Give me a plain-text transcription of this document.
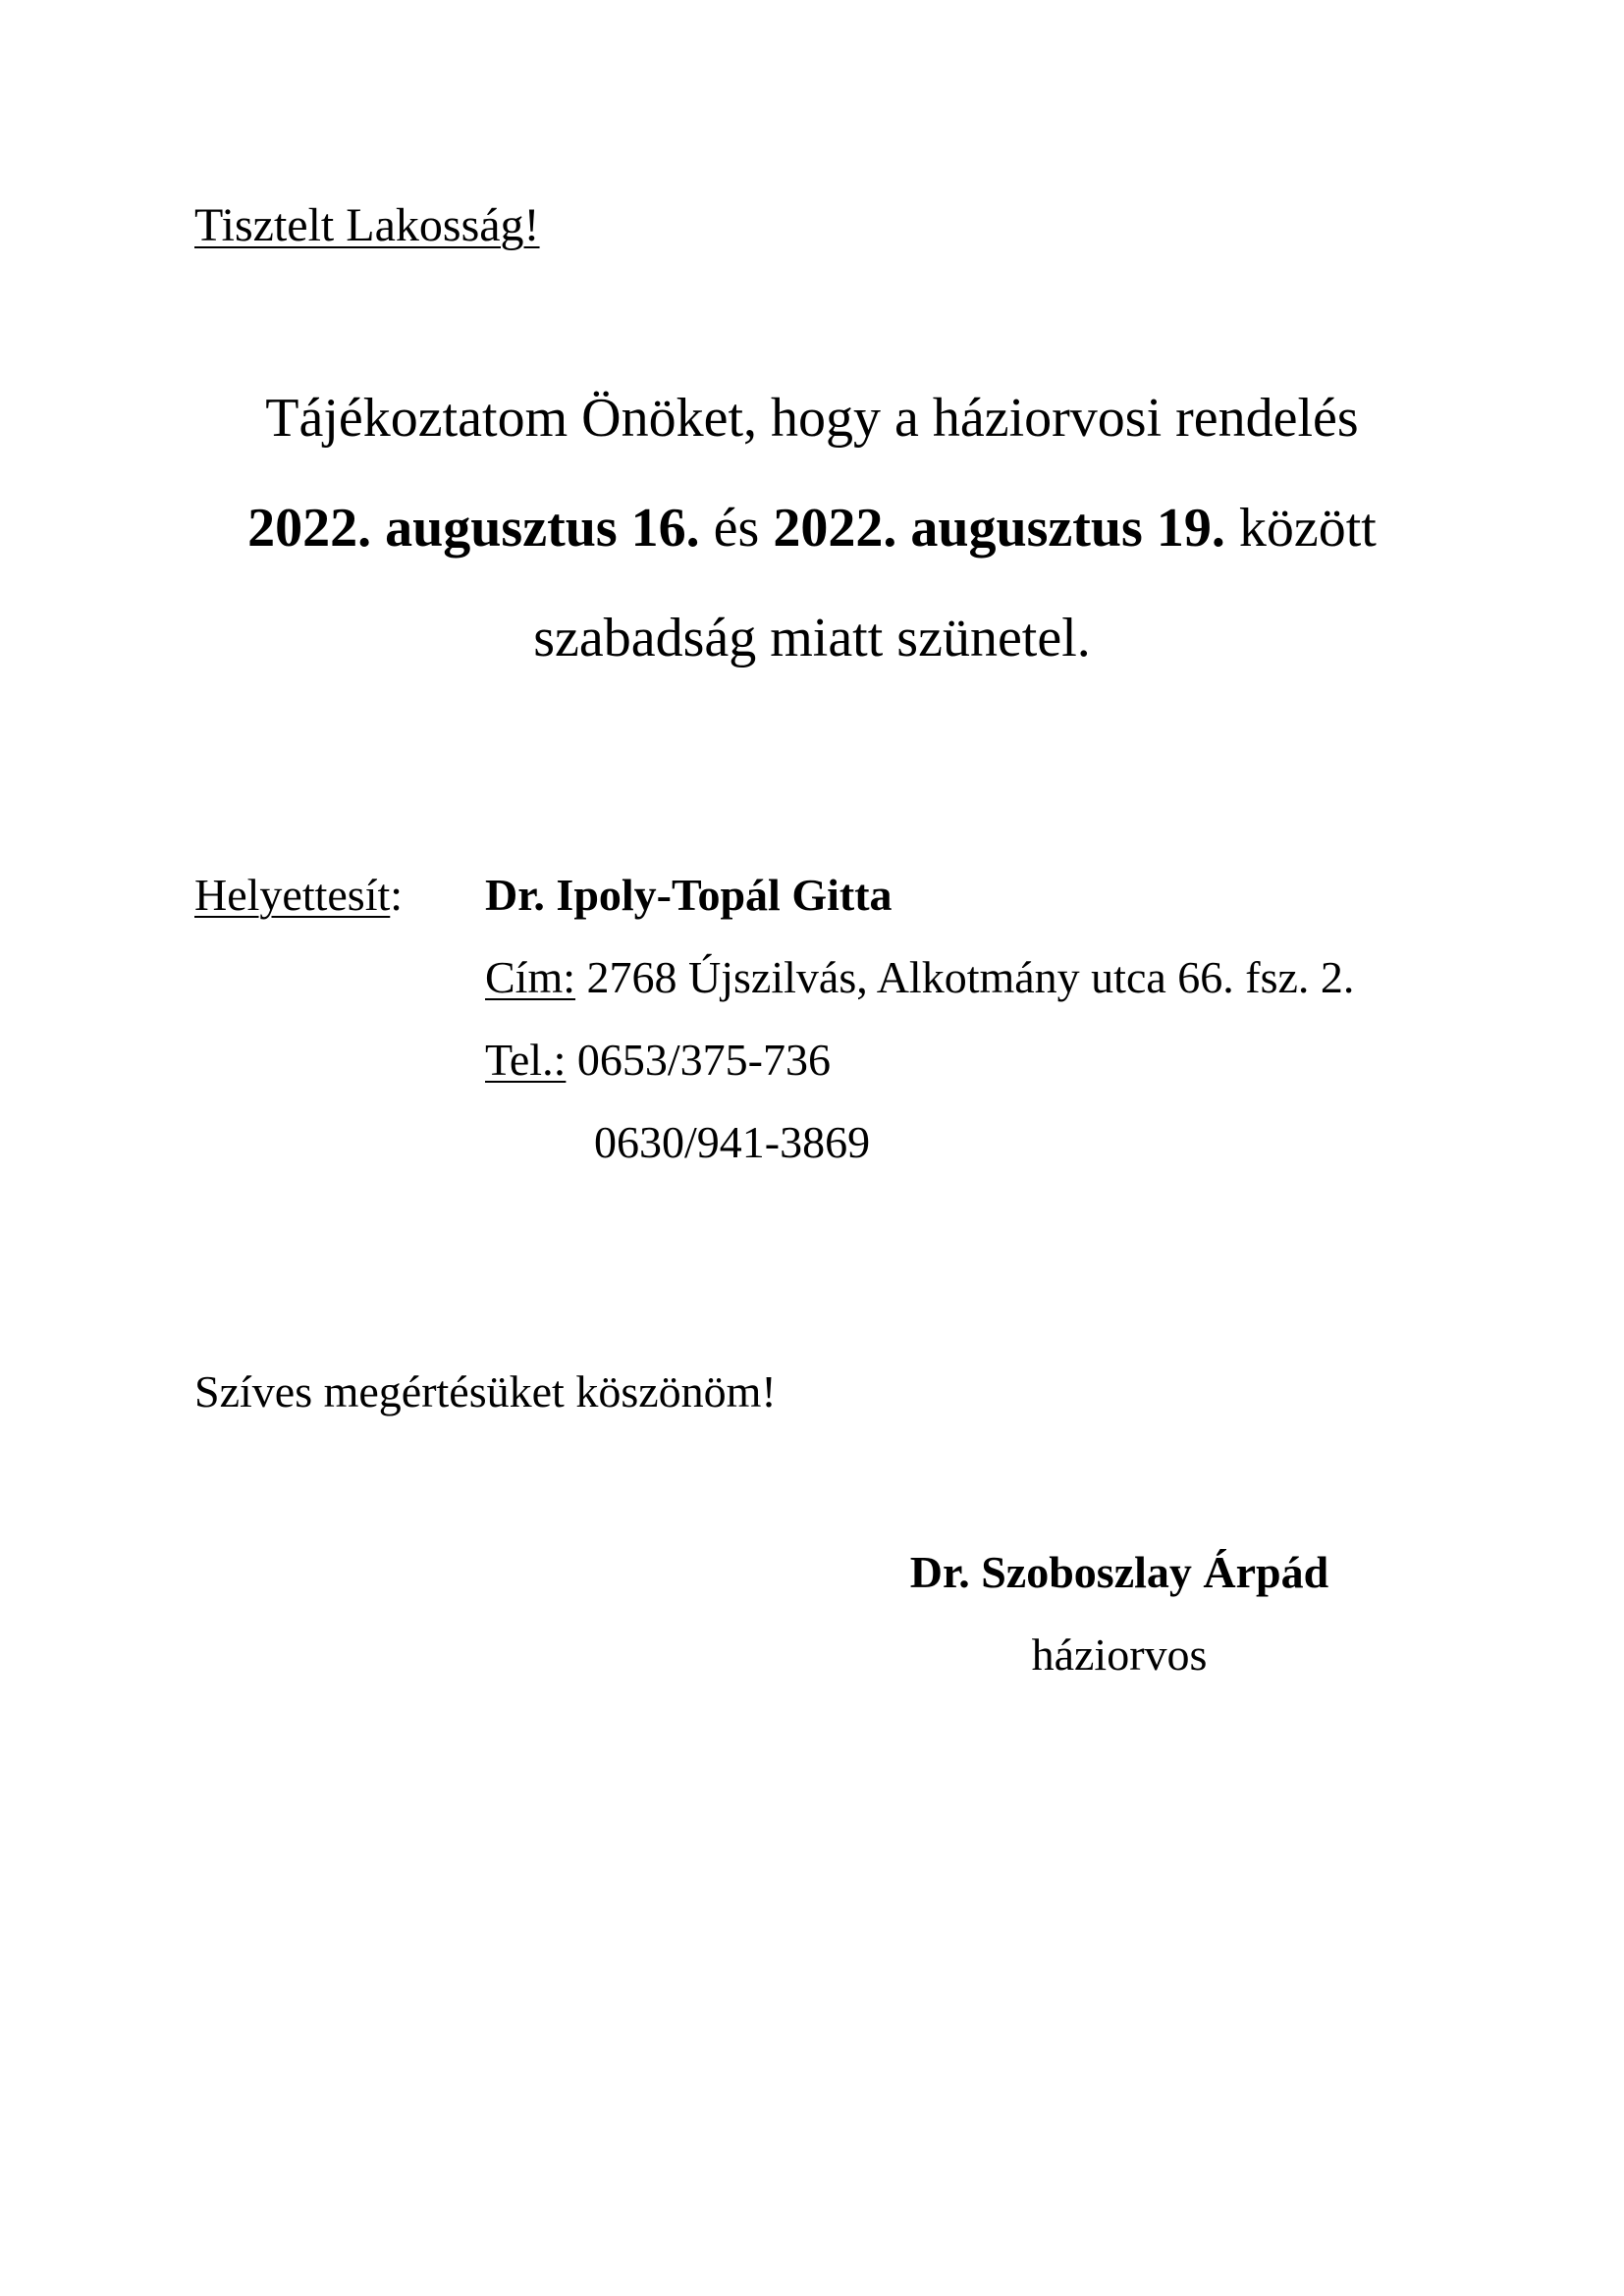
Tisztelt Lakosság!
Tájékoztatom Önöket, hogy a háziorvosi rendelés
2022. augusztus 16. és 2022. augusztus 19. között
szabadság miatt szünetel.
Helyettesít: Dr. Ipoly-Topál Gitta
Cím: 2768 Újszilvás, Alkotmány utca 66. fsz. 2.
Tel.: 0653/375-736
0630/941-3869
Szíves megértésüket köszönöm!
Dr. Szoboszlay Árpád
háziorvos
